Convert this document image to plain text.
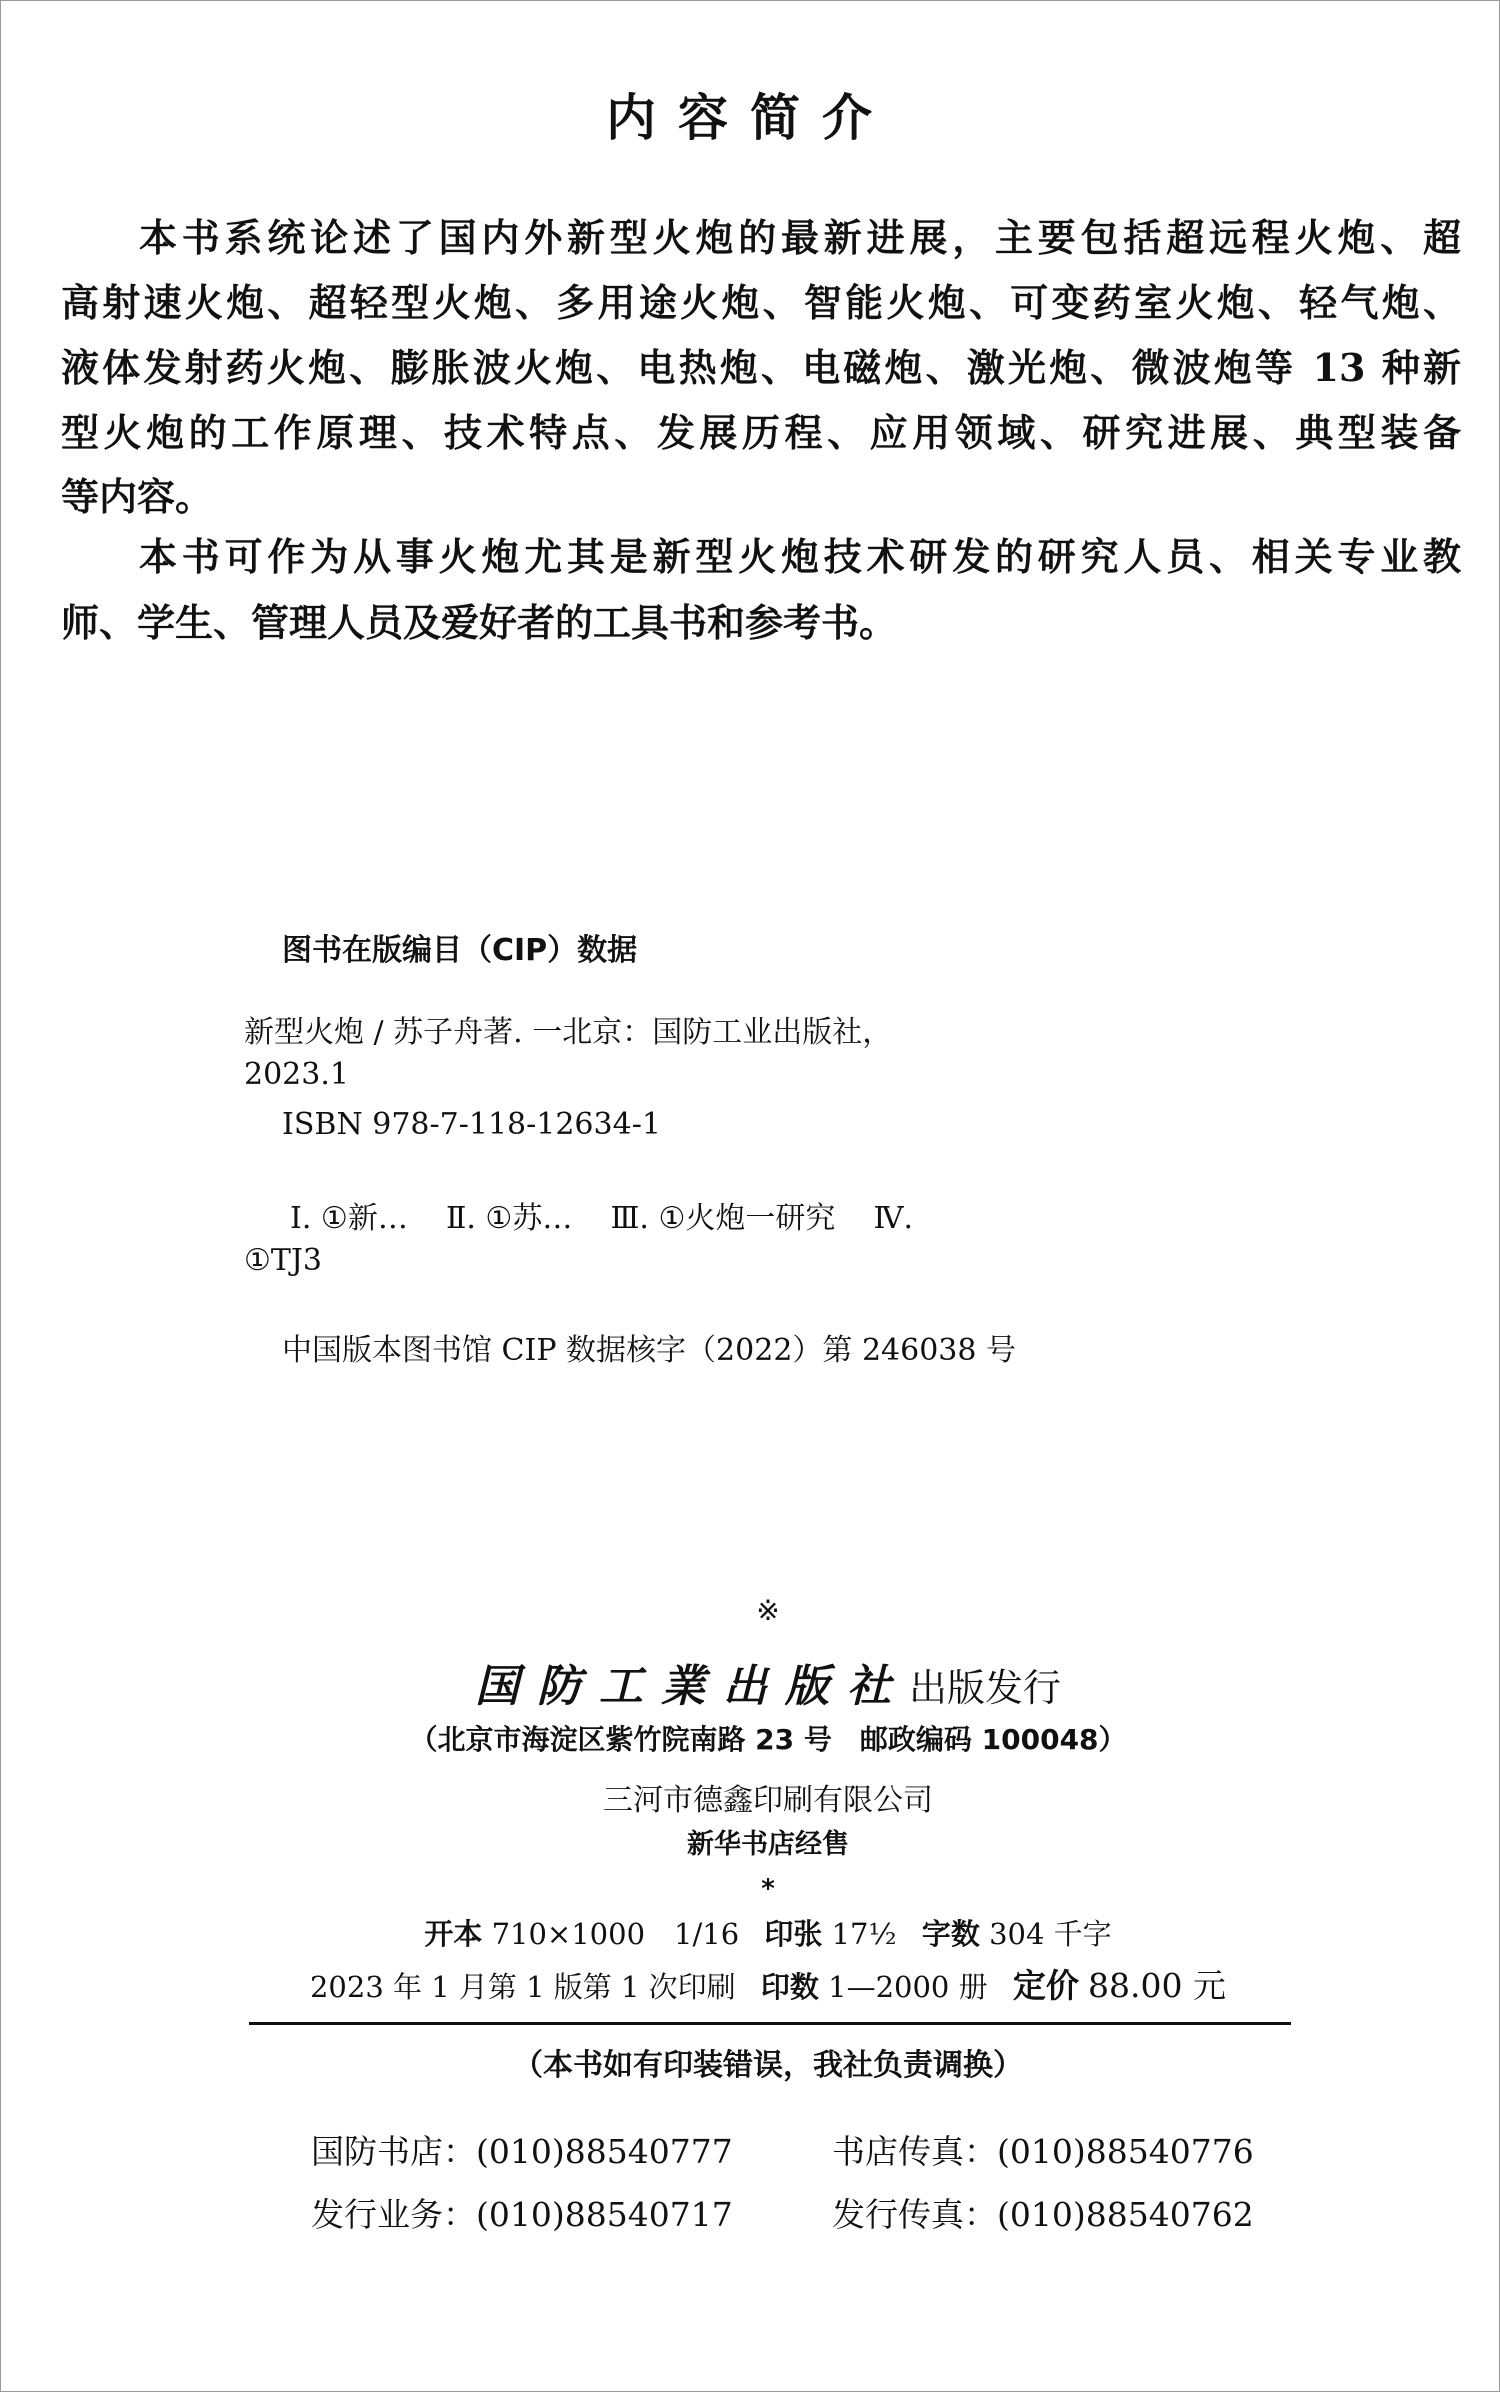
内容简介
本书系统论述了国内外新型火炮的最新进展，主要包括超远程火炮、超
高射速火炮、超轻型火炮、多用途火炮、智能火炮、可变药室火炮、轻气炮、
液体发射药火炮、膨胀波火炮、电热炮、电磁炮、激光炮、微波炮等 13 种新
型火炮的工作原理、技术特点、发展历程、应用领域、研究进展、典型装备
等内容。
本书可作为从事火炮尤其是新型火炮技术研发的研究人员、相关专业教
师、学生、管理人员及爱好者的工具书和参考书。
图书在版编目（CIP）数据
新型火炮 / 苏子舟著. 一北京：国防工业出版社，
2023.1
ISBN 978-7-118-12634-1
Ⅰ. ①新…    Ⅱ. ①苏…    Ⅲ. ①火炮一研究    Ⅳ.
①TJ3
中国版本图书馆 CIP 数据核字（2022）第 246038 号
※
国防工業出版社出版发行
（北京市海淀区紫竹院南路 23 号　邮政编码 100048）
三河市德鑫印刷有限公司
新华书店经售
*
开本 710×1000　1/16 印张 17½ 字数 304 千字
2023 年 1 月第 1 版第 1 次印刷 印数 1—2000 册 定价 88.00 元
（本书如有印装错误，我社负责调换）
国防书店：(010)88540777	书店传真：(010)88540776
发行业务：(010)88540717	发行传真：(010)88540762
